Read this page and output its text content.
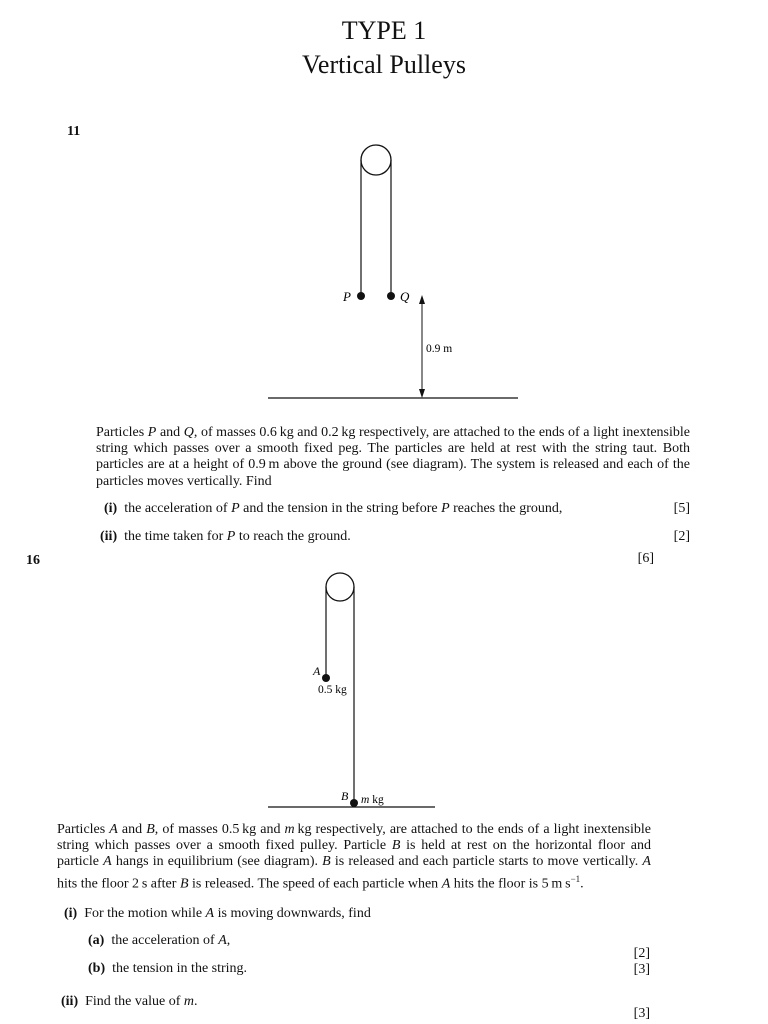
TYPE 1
Vertical Pulleys
11
P	Q
0.9 m
Particles P and Q, of masses 0.6 kg and 0.2 kg respectively, are attached to the ends of a light inextensible string which passes over a smooth fixed peg. The particles are held at rest with the string taut. Both particles are at a height of 0.9 m above the ground (see diagram). The system is released and each of the particles moves vertically. Find
(i) the acceleration of P and the tension in the string before P reaches the ground,	[5]
(ii) the time taken for P to reach the ground.	[2]
16	[6]
A
0.5 kg
B m kg
Particles A and B, of masses 0.5 kg and m kg respectively, are attached to the ends of a light inextensible string which passes over a smooth fixed pulley. Particle B is held at rest on the horizontal floor and particle A hangs in equilibrium (see diagram). B is released and each particle starts to move vertically. A hits the floor 2 s after B is released. The speed of each particle when A hits the floor is 5 m $s^{-1}$.
(i) For the motion while A is moving downwards, find
(a) the acceleration of A,
[2]
(b) the tension in the string.	[3]
(ii) Find the value of m.
[3]
